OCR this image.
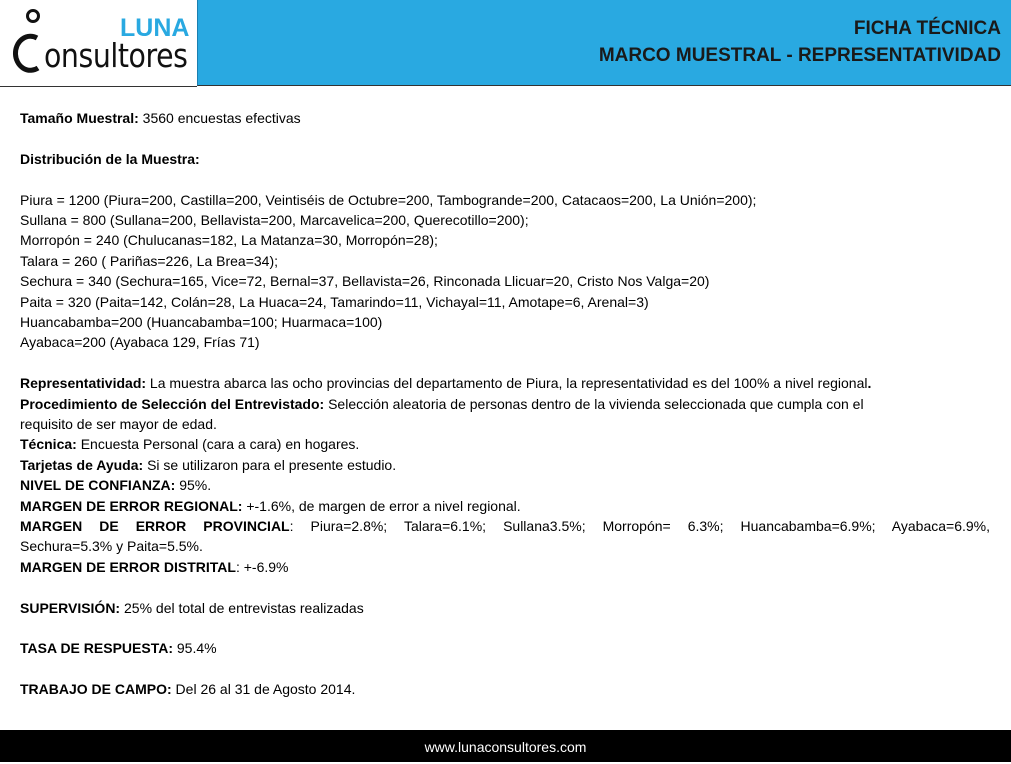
LUNA
onsultores
FICHA TÉCNICA
MARCO MUESTRAL - REPRESENTATIVIDAD

Tamaño Muestral: 3560 encuestas efectivas

Distribución de la Muestra:

Piura = 1200 (Piura=200, Castilla=200, Veintiséis de Octubre=200, Tambogrande=200, Catacaos=200, La Unión=200);

Sullana = 800 (Sullana=200, Bellavista=200, Marcavelica=200, Querecotillo=200);

Morropón = 240 (Chulucanas=182, La Matanza=30, Morropón=28);

Talara = 260 ( Pariñas=226, La Brea=34);

Sechura = 340 (Sechura=165, Vice=72, Bernal=37, Bellavista=26, Rinconada Llicuar=20, Cristo Nos Valga=20)

Paita = 320 (Paita=142, Colán=28, La Huaca=24, Tamarindo=11, Vichayal=11, Amotape=6, Arenal=3)

Huancabamba=200 (Huancabamba=100; Huarmaca=100)

Ayabaca=200 (Ayabaca 129, Frías 71)

Representatividad: La muestra abarca las ocho provincias del departamento de Piura, la representatividad es del 100% a nivel regional.

Procedimiento de Selección del Entrevistado: Selección aleatoria de personas dentro de la vivienda seleccionada que cumpla con el

requisito de ser mayor de edad.

Técnica: Encuesta Personal (cara a cara) en hogares.

Tarjetas de Ayuda: Si se utilizaron para el presente estudio.

NIVEL DE CONFIANZA: 95%.

MARGEN DE ERROR REGIONAL: +-1.6%, de margen de error a nivel regional.

MARGEN DE ERROR PROVINCIAL: Piura=2.8%; Talara=6.1%; Sullana3.5%; Morropón= 6.3%; Huancabamba=6.9%; Ayabaca=6.9%,

Sechura=5.3% y Paita=5.5%.

MARGEN DE ERROR DISTRITAL: +-6.9%

SUPERVISIÓN: 25% del total de entrevistas realizadas

TASA DE RESPUESTA: 95.4%

TRABAJO DE CAMPO: Del 26 al 31 de Agosto 2014.

www.lunaconsultores.com
